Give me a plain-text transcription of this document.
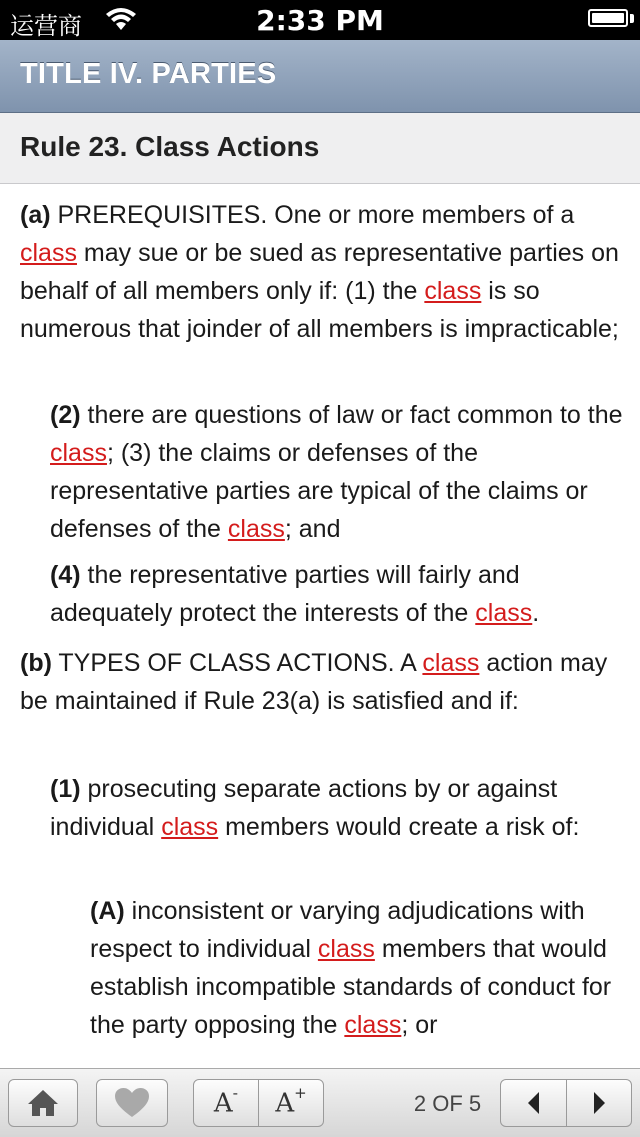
运营商	2:33 PM
TITLE IV. PARTIES
Rule 23. Class Actions

(a) PREREQUISITES. One or more members of a class may sue or be sued as representative parties on behalf of all members only if: (1) the class is so numerous that joinder of all members is impracticable;

(2) there are questions of law or fact common to the class; (3) the claims or defenses of the representative parties are typical of the claims or defenses of the class; and

(4) the representative parties will fairly and adequately protect the interests of the class.

(b) TYPES OF CLASS ACTIONS. A class action may be maintained if Rule 23(a) is satisfied and if:

(1) prosecuting separate actions by or against individual class members would create a risk of:

(A) inconsistent or varying adjudications with respect to individual class members that would establish incompatible standards of conduct for the party opposing the class; or

A- A+	2 OF 5
